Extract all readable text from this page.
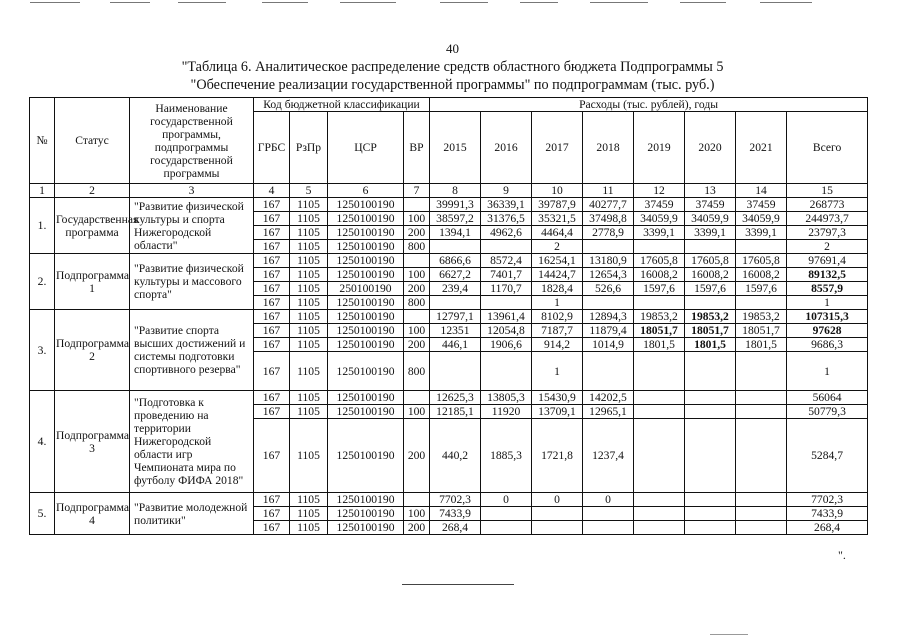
40
"Таблица 6. Аналитическое распределение средств областного бюджета Подпрограммы 5
"Обеспечение реализации государственной программы" по подпрограммам (тыс. руб.)
№	Статус	Наименование государственной программы, подпрограммы государственной программы	Код бюджетной классификации				Расходы (тыс. рублей), годы							
			ГРБС	РзПр	ЦСР	ВР	2015	2016	2017	2018	2019	2020	2021	Всего
1	2	3	4	5	6	7	8	9	10	11	12	13	14	15
1.	Государственная программа	"Развитие физической культуры и спорта Нижегородской области"	167	1105	1250100190		39991,3	36339,1	39787,9	40277,7	37459	37459	37459	268773
			167	1105	1250100190	100	38597,2	31376,5	35321,5	37498,8	34059,9	34059,9	34059,9	244973,7
			167	1105	1250100190	200	1394,1	4962,6	4464,4	2778,9	3399,1	3399,1	3399,1	23797,3
			167	1105	1250100190	800			2					2
2.	Подпрограмма 1	"Развитие физической культуры и массового спорта"	167	1105	1250100190		6866,6	8572,4	16254,1	13180,9	17605,8	17605,8	17605,8	97691,4
			167	1105	1250100190	100	6627,2	7401,7	14424,7	12654,3	16008,2	16008,2	16008,2	89132,5
			167	1105	250100190	200	239,4	1170,7	1828,4	526,6	1597,6	1597,6	1597,6	8557,9
			167	1105	1250100190	800			1					1
3.	Подпрограмма 2	"Развитие спорта высших достижений и системы подготовки спортивного резерва"	167	1105	1250100190		12797,1	13961,4	8102,9	12894,3	19853,2	19853,2	19853,2	107315,3
			167	1105	1250100190	100	12351	12054,8	7187,7	11879,4	18051,7	18051,7	18051,7	97628
			167	1105	1250100190	200	446,1	1906,6	914,2	1014,9	1801,5	1801,5	1801,5	9686,3
			167	1105	1250100190	800			1					1
4.	Подпрограмма 3	"Подготовка к проведению на территории Нижегородской области игр Чемпионата мира по футболу ФИФА 2018"	167	1105	1250100190		12625,3	13805,3	15430,9	14202,5				56064
			167	1105	1250100190	100	12185,1	11920	13709,1	12965,1				50779,3
			167	1105	1250100190	200	440,2	1885,3	1721,8	1237,4				5284,7
5.	Подпрограмма 4	"Развитие молодежной политики"	167	1105	1250100190		7702,3	0	0	0				7702,3
			167	1105	1250100190	100	7433,9							7433,9
			167	1105	1250100190	200	268,4							268,4
".
